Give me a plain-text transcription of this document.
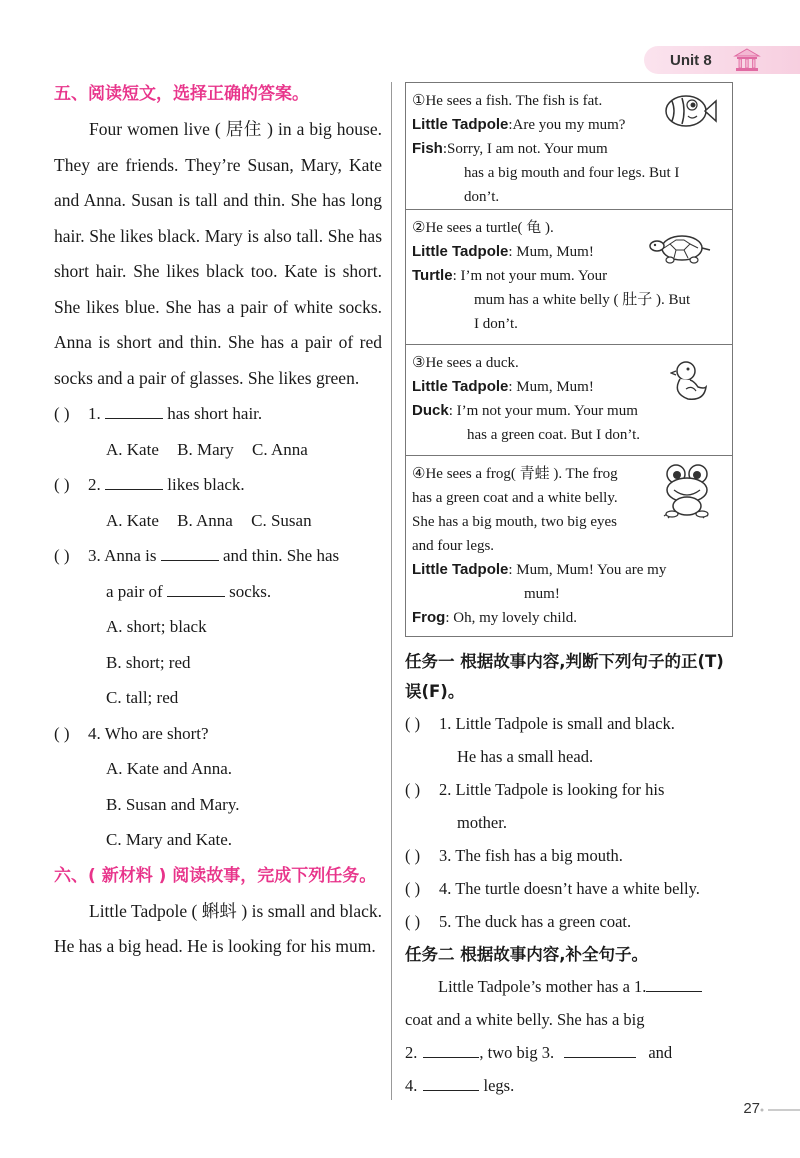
Unit 8
五、阅读短文，选择正确的答案。

Four women live ( 居住 ) in a big house. They are friends. They’re Susan, Mary, Kate and Anna. Susan is tall and thin. She has long hair. She likes black. Mary is also tall. She has short hair. She likes black too. Kate is short. She likes blue. She has a pair of white socks. Anna is short and thin. She has a pair of red socks and a pair of glasses. She likes green.

( ) 1.	has short hair.
A. Kate B. Mary C. Anna
( ) 2.	likes black.
A. Kate B. Anna C. Susan
( ) 3. Anna is	and thin. She has
a pair of	socks.
A. short; black
B. short; red
C. tall; red
( ) 4. Who are short?
A. Kate and Anna.
B. Susan and Mary.
C. Mary and Kate.
六、( 新材料 ) 阅读故事，完成下列任务。

Little Tadpole ( 蝌蚪 ) is small and black. He has a big head. He is looking for his mum.

①He sees a fish. The fish is fat.
Little Tadpole:Are you my mum?
Fish:Sorry, I am not. Your mum
has a big mouth and four legs. But I
don’t.
②He sees a turtle( 龟 ).
Little Tadpole: Mum, Mum!
Turtle: I’m not your mum. Your
mum has a white belly ( 肚子 ). But
I don’t.
③He sees a duck.
Little Tadpole: Mum, Mum!
Duck: I’m not your mum. Your mum
has a green coat. But I don’t.
④He sees a frog( 青蛙 ). The frog
has a green coat and a white belly.
She has a big mouth, two big eyes
and four legs.
Little Tadpole: Mum, Mum! You are my
mum!
Frog: Oh, my lovely child.
任务一 根据故事内容,判断下列句子的正(T)误(F)。
( ) 1. Little Tadpole is small and black.
He has a small head.
( ) 2. Little Tadpole is looking for his
mother.
( ) 3. The fish has a big mouth.
( ) 4. The turtle doesn’t have a white belly.
( ) 5. The duck has a green coat.
任务二 根据故事内容,补全句子。
Little Tadpole’s mother has a 1.
coat and a white belly. She has a big
2.	, two big 3.	and
4.	legs.
27
